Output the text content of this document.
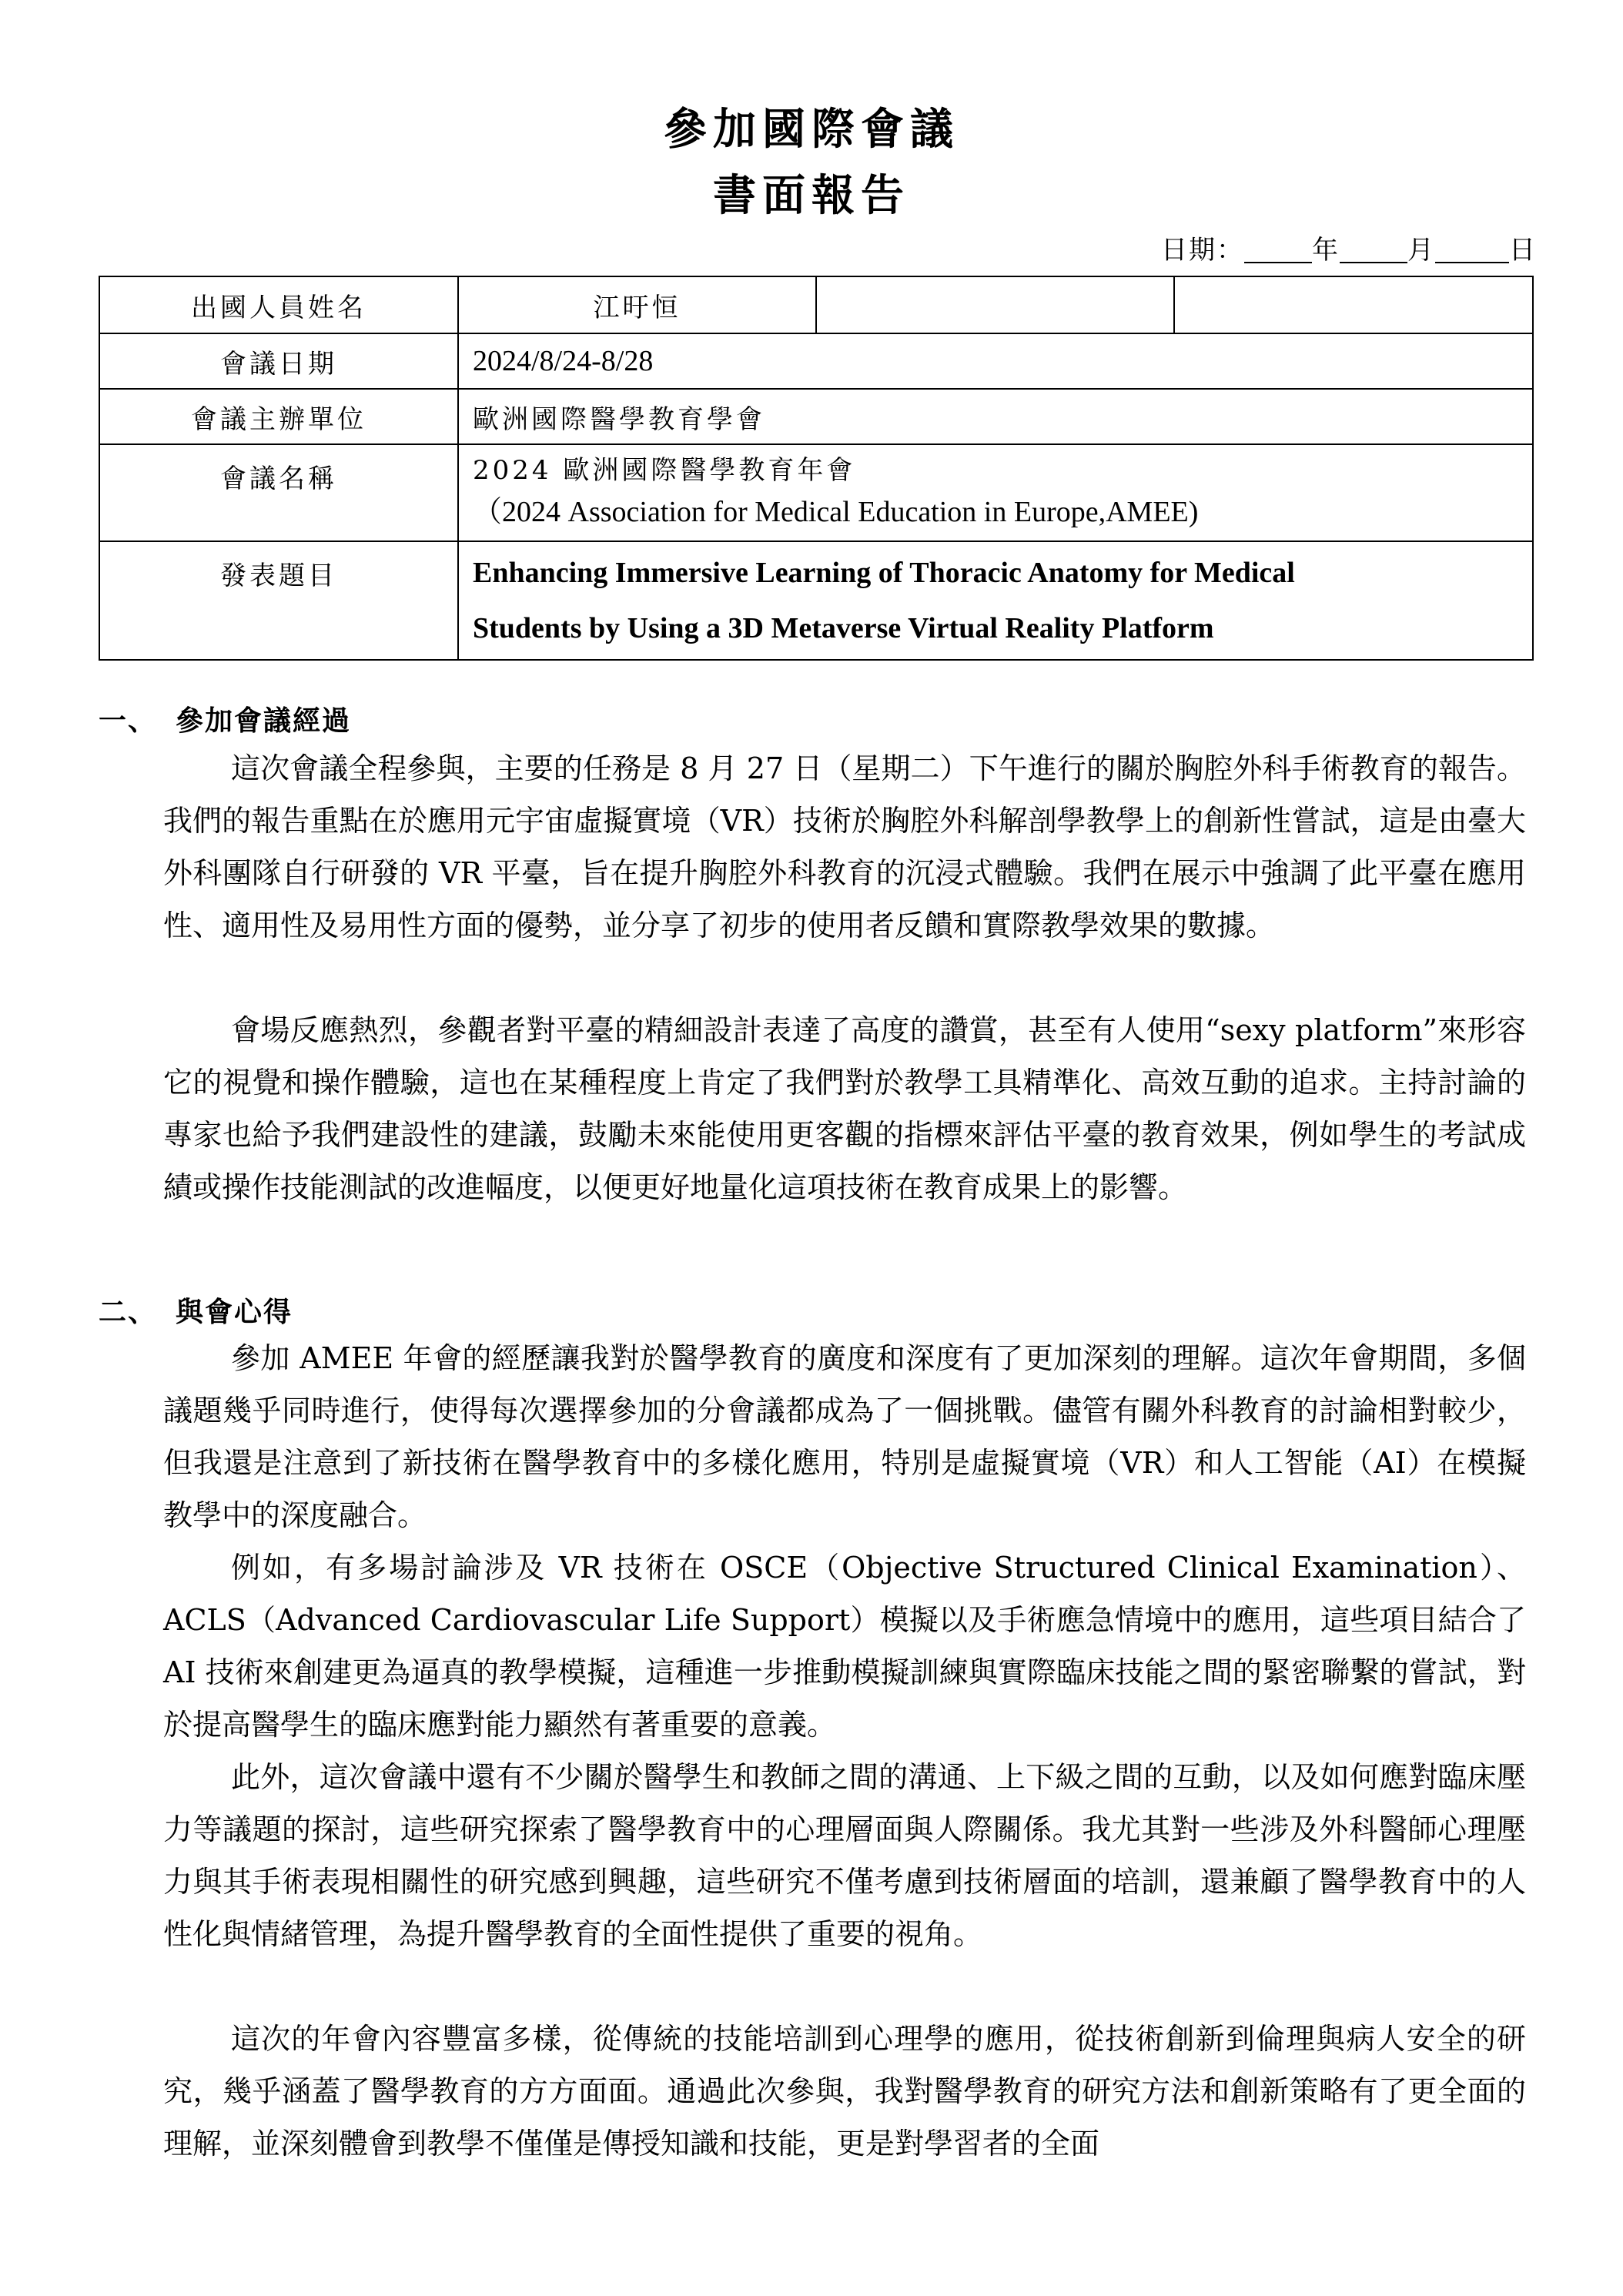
參加國際會議
書面報告
日期：	年	月	日
出國人員姓名	江旴恒		
會議日期	2024/8/24-8/28		
會議主辦單位	歐洲國際醫學教育學會		
會議名稱	2024 歐洲國際醫學教育年會
（2024 Association for Medical Education in Europe,AMEE)		

發表題目	Enhancing Immersive Learning of Thoracic Anatomy for Medical
Students by Using a 3D Metaverse Virtual Reality Platform		
一、 參加會議經過

這次會議全程參與，主要的任務是 8 月 27 日（星期二）下午進行的關於胸腔外科手術教育的報告。我們的報告重點在於應用元宇宙虛擬實境（VR）技術於胸腔外科解剖學教學上的創新性嘗試，這是由臺大外科團隊自行研發的 VR 平臺，旨在提升胸腔外科教育的沉浸式體驗。我們在展示中強調了此平臺在應用性、適用性及易用性方面的優勢，並分享了初步的使用者反饋和實際教學效果的數據。

會場反應熱烈，參觀者對平臺的精細設計表達了高度的讚賞，甚至有人使用“sexy platform”來形容它的視覺和操作體驗，這也在某種程度上肯定了我們對於教學工具精準化、高效互動的追求。主持討論的專家也給予我們建設性的建議，鼓勵未來能使用更客觀的指標來評估平臺的教育效果，例如學生的考試成績或操作技能測試的改進幅度，以便更好地量化這項技術在教育成果上的影響。

二、 與會心得

參加 AMEE 年會的經歷讓我對於醫學教育的廣度和深度有了更加深刻的理解。這次年會期間，多個議題幾乎同時進行，使得每次選擇參加的分會議都成為了一個挑戰。儘管有關外科教育的討論相對較少，但我還是注意到了新技術在醫學教育中的多樣化應用，特別是虛擬實境（VR）和人工智能（AI）在模擬教學中的深度融合。

例如，有多場討論涉及 VR 技術在 OSCE（Objective Structured Clinical Examination）、ACLS（Advanced Cardiovascular Life Support）模擬以及手術應急情境中的應用，這些項目結合了 AI 技術來創建更為逼真的教學模擬，這種進一步推動模擬訓練與實際臨床技能之間的緊密聯繫的嘗試，對於提高醫學生的臨床應對能力顯然有著重要的意義。

此外，這次會議中還有不少關於醫學生和教師之間的溝通、上下級之間的互動，以及如何應對臨床壓力等議題的探討，這些研究探索了醫學教育中的心理層面與人際關係。我尤其對一些涉及外科醫師心理壓力與其手術表現相關性的研究感到興趣，這些研究不僅考慮到技術層面的培訓，還兼顧了醫學教育中的人性化與情緒管理，為提升醫學教育的全面性提供了重要的視角。

這次的年會內容豐富多樣，從傳統的技能培訓到心理學的應用，從技術創新到倫理與病人安全的研究，幾乎涵蓋了醫學教育的方方面面。通過此次參與，我對醫學教育的研究方法和創新策略有了更全面的理解，並深刻體會到教學不僅僅是傳授知識和技能，更是對學習者的全面
